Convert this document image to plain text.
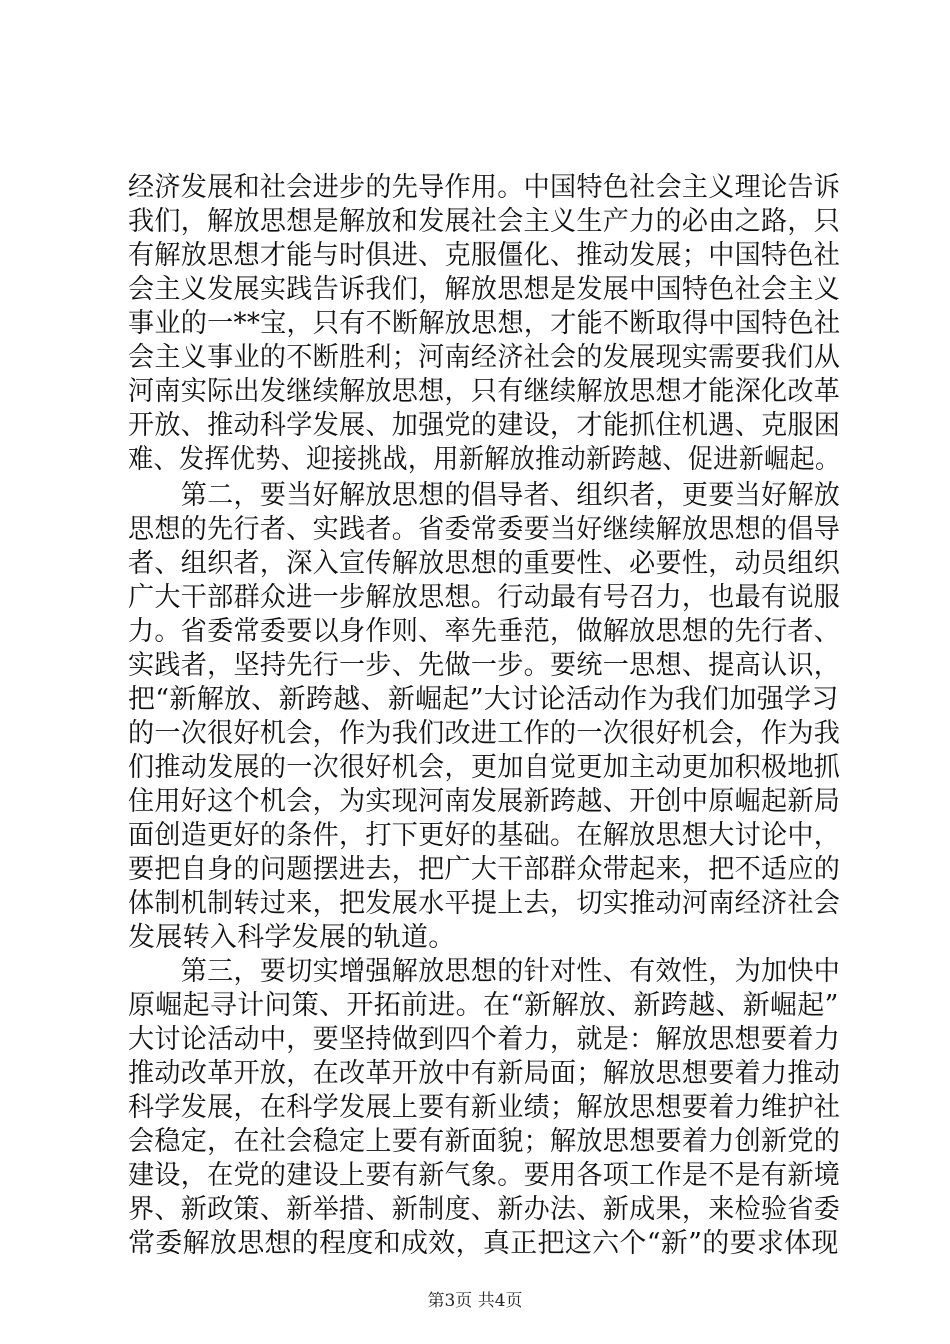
经济发展和社会进步的先导作用。中国特色社会主义理论告诉

我们，解放思想是解放和发展社会主义生产力的必由之路，只

有解放思想才能与时俱进、克服僵化、推动发展；中国特色社

会主义发展实践告诉我们，解放思想是发展中国特色社会主义

事业的一**宝，只有不断解放思想，才能不断取得中国特色社

会主义事业的不断胜利；河南经济社会的发展现实需要我们从

河南实际出发继续解放思想，只有继续解放思想才能深化改革

开放、推动科学发展、加强党的建设，才能抓住机遇、克服困

难、发挥优势、迎接挑战，用新解放推动新跨越、促进新崛起。

　　第二，要当好解放思想的倡导者、组织者，更要当好解放

思想的先行者、实践者。省委常委要当好继续解放思想的倡导

者、组织者，深入宣传解放思想的重要性、必要性，动员组织

广大干部群众进一步解放思想。行动最有号召力，也最有说服

力。省委常委要以身作则、率先垂范，做解放思想的先行者、

实践者，坚持先行一步、先做一步。要统一思想、提高认识，

把“新解放、新跨越、新崛起”大讨论活动作为我们加强学习

的一次很好机会，作为我们改进工作的一次很好机会，作为我

们推动发展的一次很好机会，更加自觉更加主动更加积极地抓

住用好这个机会，为实现河南发展新跨越、开创中原崛起新局

面创造更好的条件，打下更好的基础。在解放思想大讨论中，

要把自身的问题摆进去，把广大干部群众带起来，把不适应的

体制机制转过来，把发展水平提上去，切实推动河南经济社会

发展转入科学发展的轨道。

　　第三，要切实增强解放思想的针对性、有效性，为加快中

原崛起寻计问策、开拓前进。在“新解放、新跨越、新崛起”

大讨论活动中，要坚持做到四个着力，就是：解放思想要着力

推动改革开放，在改革开放中有新局面；解放思想要着力推动

科学发展，在科学发展上要有新业绩；解放思想要着力维护社

会稳定，在社会稳定上要有新面貌；解放思想要着力创新党的

建设，在党的建设上要有新气象。要用各项工作是不是有新境

界、新政策、新举措、新制度、新办法、新成果，来检验省委

常委解放思想的程度和成效，真正把这六个“新”的要求体现

第3页 共4页
